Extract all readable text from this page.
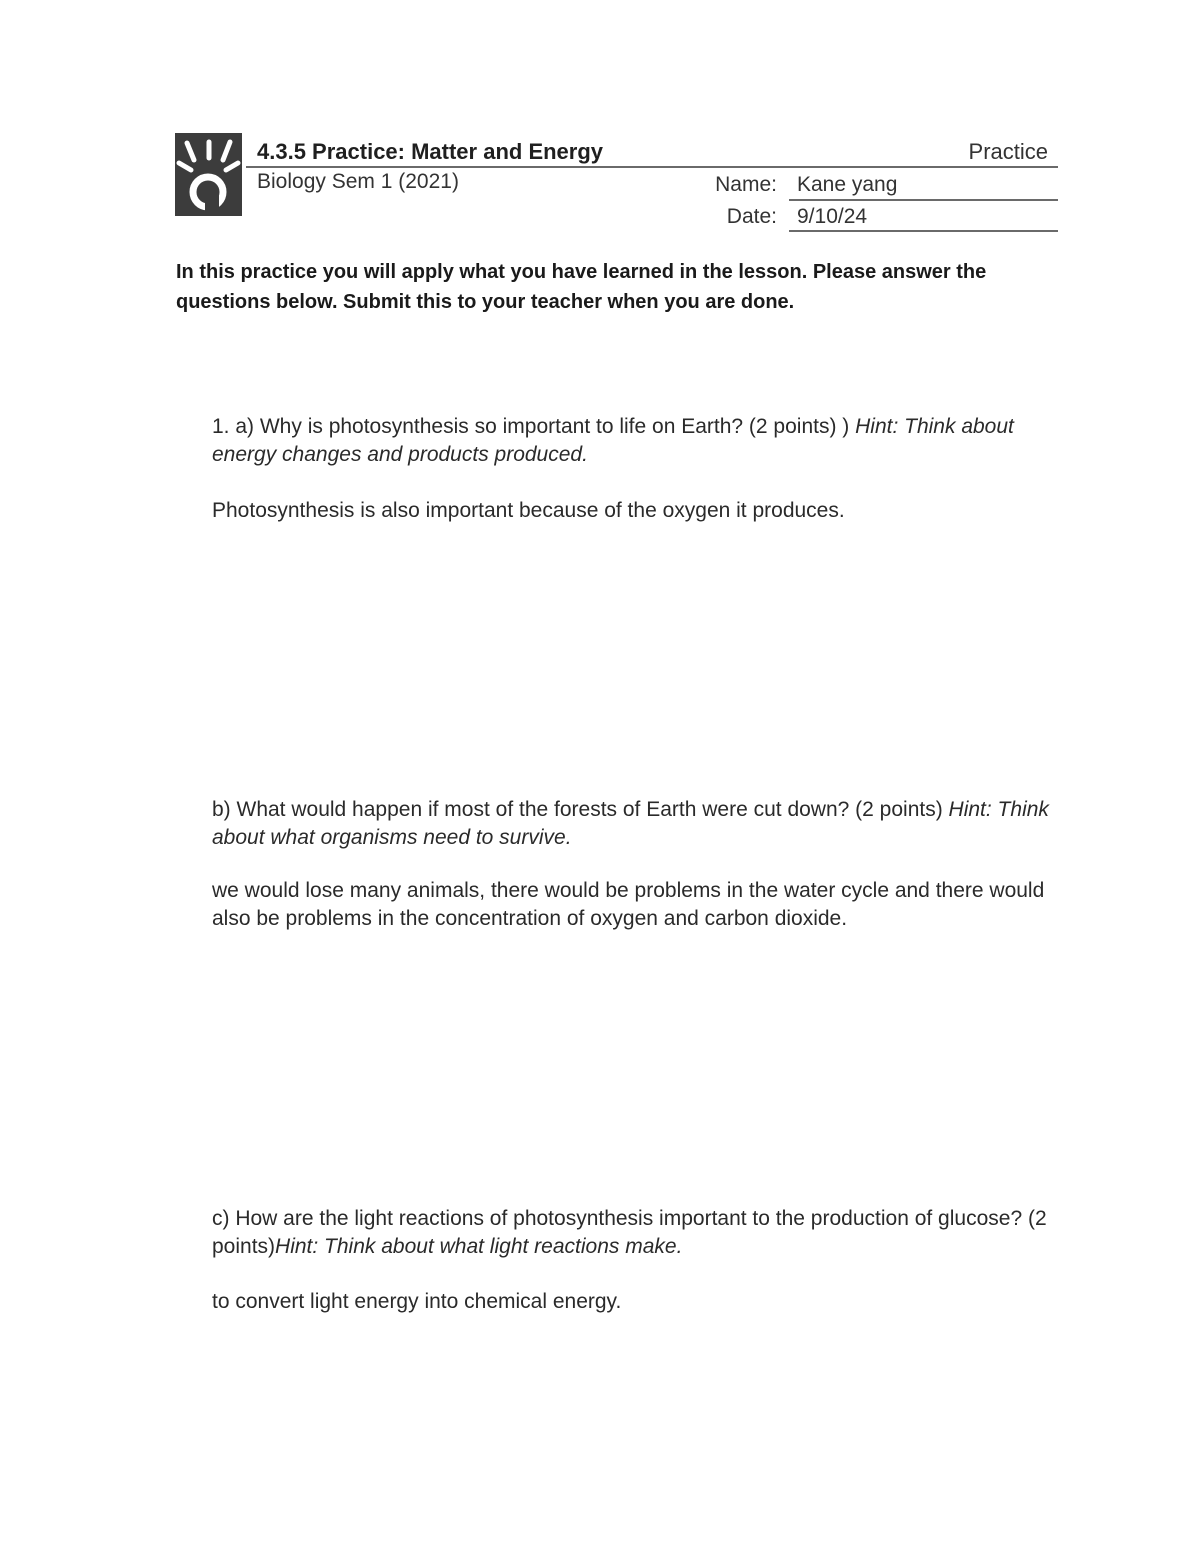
4.3.5 Practice: Matter and Energy	Practice
Biology Sem 1 (2021)	Name: Kane yang
Date: 9/10/24
In this practice you will apply what you have learned in the lesson. Please answer the questions below. Submit this to your teacher when you are done.
1. a) Why is photosynthesis so important to life on Earth? (2 points) ) Hint: Think about energy changes and products produced.
Photosynthesis is also important because of the oxygen it produces.
b) What would happen if most of the forests of Earth were cut down? (2 points) Hint: Think about what organisms need to survive.
we would lose many animals, there would be problems in the water cycle and there would also be problems in the concentration of oxygen and carbon dioxide.
c) How are the light reactions of photosynthesis important to the production of glucose? (2 points)Hint: Think about what light reactions make.
to convert light energy into chemical energy.
